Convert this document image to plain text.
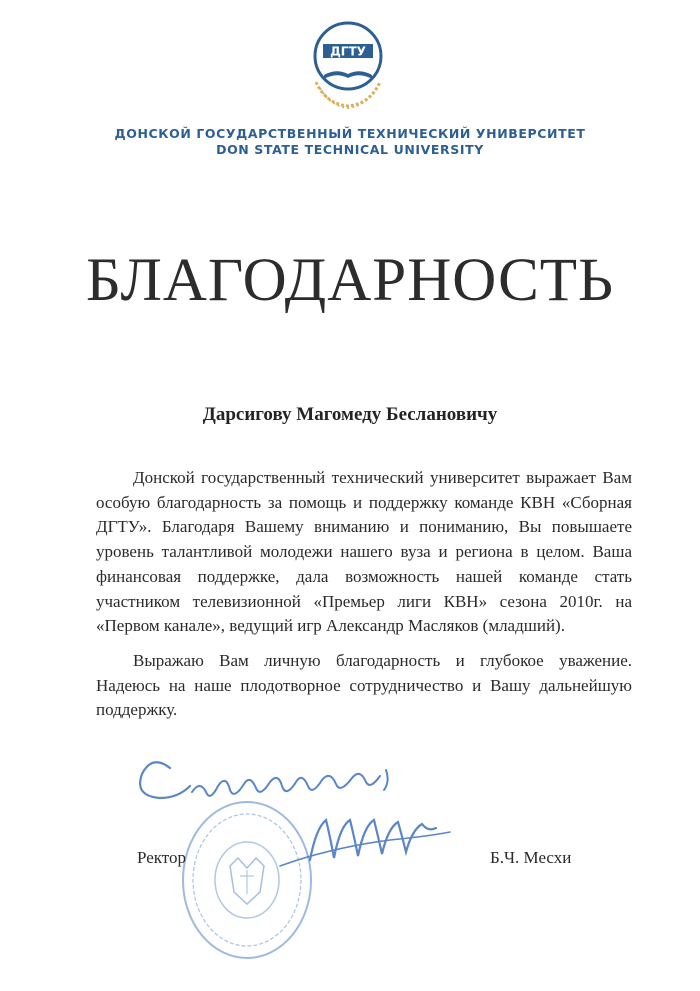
ДГТУ
ДОНСКОЙ ГОСУДАРСТВЕННЫЙ ТЕХНИЧЕСКИЙ УНИВЕРСИТЕТ
DON STATE TECHNICAL UNIVERSITY
БЛАГОДАРНОСТЬ
Дарсигову Магомеду Беслановичу

Донской государственный технический университет выражает Вам особую благодарность за помощь и поддержку команде КВН «Сборная ДГТУ». Благодаря Вашему вниманию и пониманию, Вы повышаете уровень талантливой молодежи нашего вуза и региона в целом. Ваша финансовая поддержке, дала возможность нашей команде стать участником телевизионной «Премьер лиги КВН» сезона 2010г. на «Первом канале», ведущий игр Александр Масляков (младший).

Выражаю Вам личную благодарность и глубокое уважение. Надеюсь на наше плодотворное сотрудничество и Вашу дальнейшую поддержку.

Ректор	Б.Ч. Месхи
